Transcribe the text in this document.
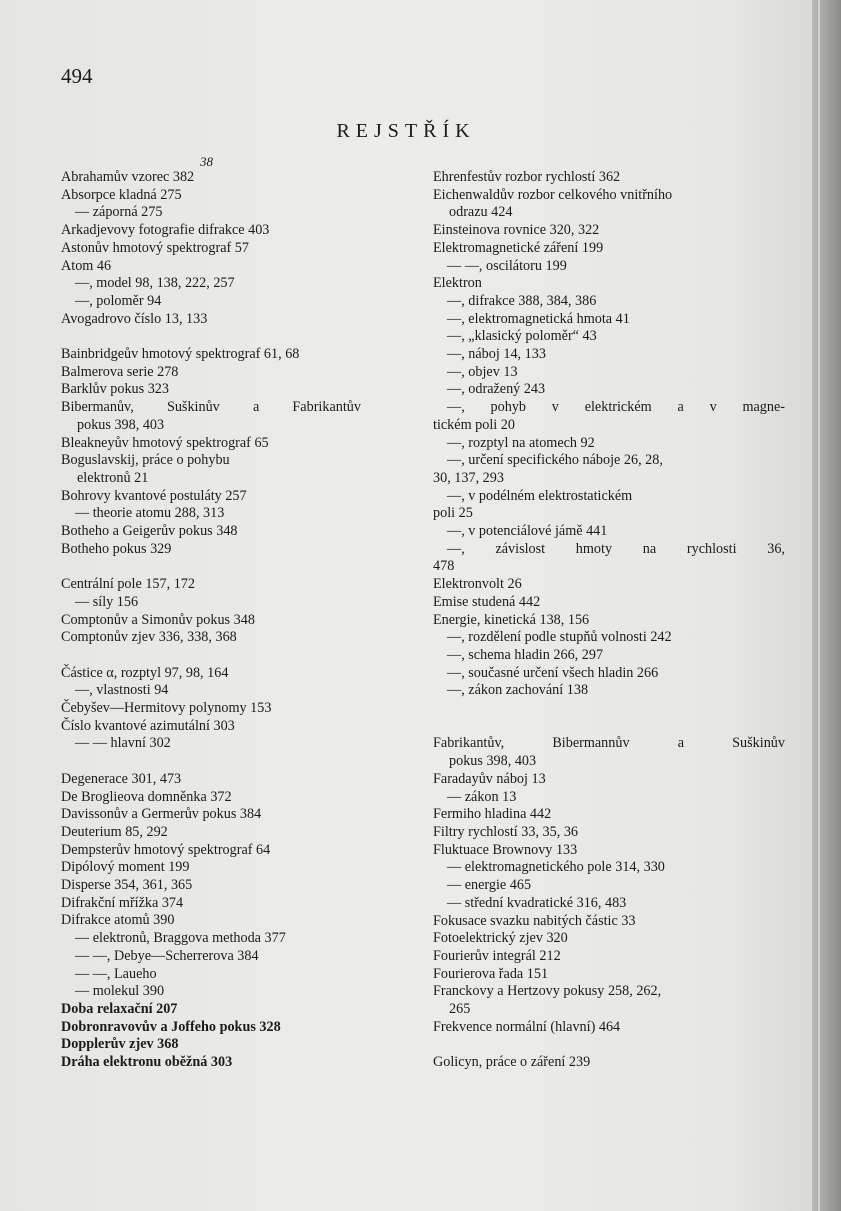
494
REJSTŘÍK
38
Abrahamův vzorec 382
Absorpce kladná 275
— záporná 275
Arkadjevovy fotografie difrakce 403
Astonův hmotový spektrograf 57
Atom 46
—, model 98, 138, 222, 257
—, poloměr 94
Avogadrovo číslo 13, 133
Bainbridgeův hmotový spektrograf 61, 68
Balmerova serie 278
Barklův pokus 323
Bibermanův, Suškinův a Fabrikantův
pokus 398, 403
Bleakneyův hmotový spektrograf 65
Boguslavskij, práce o pohybu
elektronů 21
Bohrovy kvantové postuláty 257
— theorie atomu 288, 313
Botheho a Geigerův pokus 348
Botheho pokus 329
Centrální pole 157, 172
— síly 156
Comptonův a Simonův pokus 348
Comptonův zjev 336, 338, 368
Částice α, rozptyl 97, 98, 164
—, vlastnosti 94
Čebyšev—Hermitovy polynomy 153
Číslo kvantové azimutální 303
— — hlavní 302
Degenerace 301, 473
De Broglieova domněnka 372
Davissonův a Germerův pokus 384
Deuterium 85, 292
Dempsterův hmotový spektrograf 64
Dipólový moment 199
Disperse 354, 361, 365
Difrakční mřížka 374
Difrakce atomů 390
— elektronů, Braggova methoda 377
— —, Debye—Scherrerova 384
— —, Laueho
— molekul 390
Doba relaxační 207
Dobronravovův a Joffeho pokus 328
Dopplerův zjev 368
Dráha elektronu oběžná 303
Ehrenfestův rozbor rychlostí 362
Eichenwaldův rozbor celkového vnitřního
odrazu 424
Einsteinova rovnice 320, 322
Elektromagnetické záření 199
— —, oscilátoru 199
Elektron
—, difrakce 388, 384, 386
—, elektromagnetická hmota 41
—, „klasický poloměr“ 43
—, náboj 14, 133
—, objev 13
—, odražený 243
—, pohyb v elektrickém a v magne-
tickém poli 20
—, rozptyl na atomech 92
—, určení specifického náboje 26, 28,
30, 137, 293
—, v podélném elektrostatickém
poli 25
—, v potenciálové jámě 441
—, závislost hmoty na rychlosti 36,
478
Elektronvolt 26
Emise studená 442
Energie, kinetická 138, 156
—, rozdělení podle stupňů volnosti 242
—, schema hladin 266, 297
—, současné určení všech hladin 266
—, zákon zachování 138
Fabrikantův,	Bibermannův	a	Suškinův
pokus 398, 403
Faradayův náboj 13
— zákon 13
Fermiho hladina 442
Filtry rychlostí 33, 35, 36
Fluktuace Brownovy 133
— elektromagnetického pole 314, 330
— energie 465
— střední kvadratické 316, 483
Fokusace svazku nabitých částic 33
Fotoelektrický zjev 320
Fourierův integrál 212
Fourierova řada 151
Franckovy a Hertzovy pokusy 258, 262,
265
Frekvence normální (hlavní) 464
Golicyn, práce o záření 239
